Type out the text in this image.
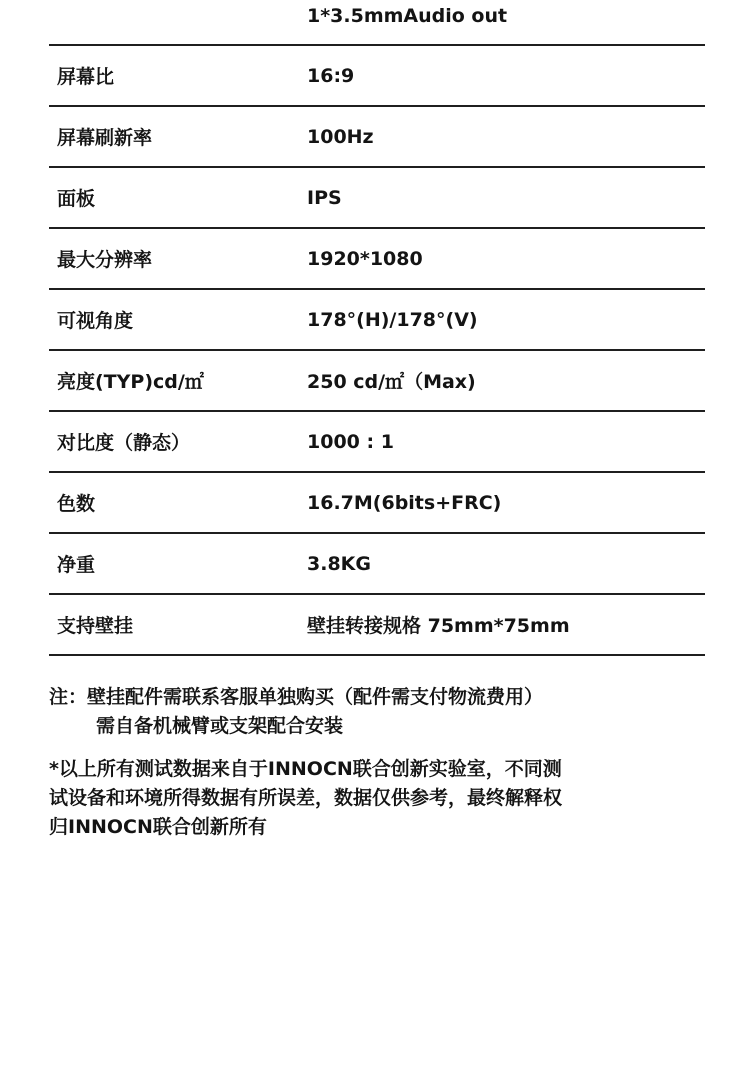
1*3.5mmAudio out
屏幕比	16:9
屏幕刷新率	100Hz
面板	IPS
最大分辨率	1920*1080
可视角度	178°(H)/178°(V)
亮度(TYP)cd/㎡	250 cd/㎡（Max)
对比度（静态）	1000 : 1
色数	16.7M(6bits+FRC)
净重	3.8KG
支持壁挂	壁挂转接规格 75mm*75mm
注：壁挂配件需联系客服单独购买（配件需支付物流费用）
需自备机械臂或支架配合安装
*以上所有测试数据来自于INNOCN联合创新实验室，不同测
试设备和环境所得数据有所误差，数据仅供参考，最终解释权
归INNOCN联合创新所有
